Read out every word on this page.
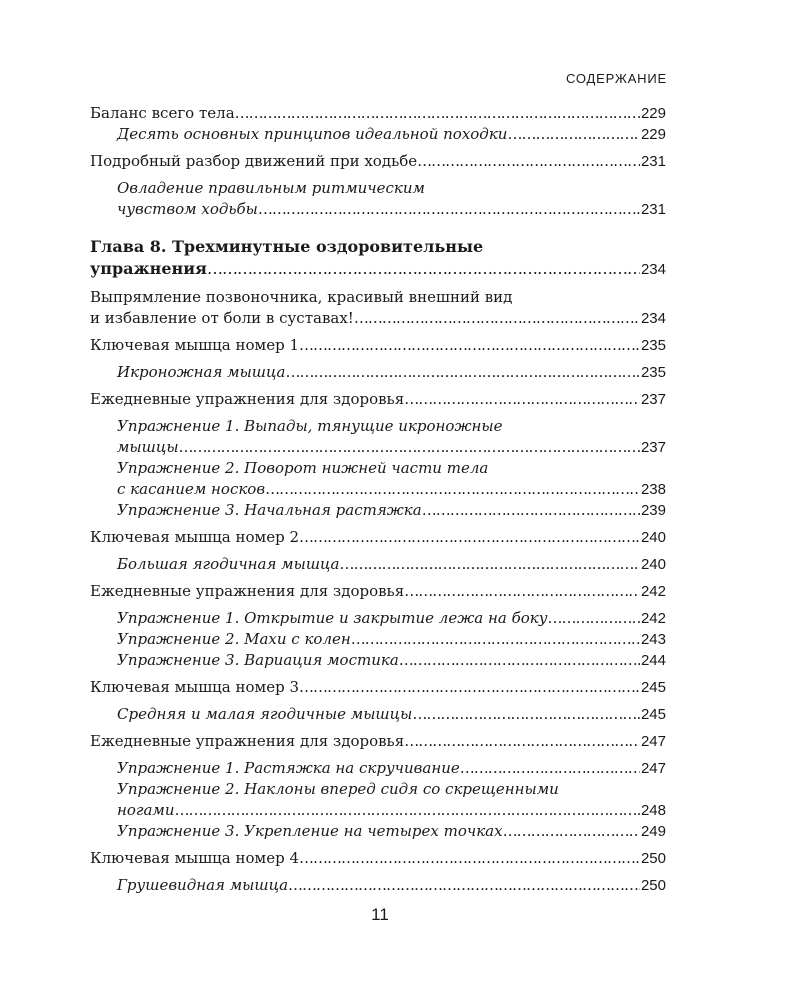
СОДЕРЖАНИЕ
Баланс всего тела …………………………………………………………………………………………………………………………………………………………………………………………………	229
Десять основных принципов идеальной походки …………………………………………………………………………………………………………………………………………………………………………………………………	229
Подробный разбор движений при ходьбе …………………………………………………………………………………………………………………………………………………………………………………………………	231
Овладение правильным ритмическим
чувством ходьбы …………………………………………………………………………………………………………………………………………………………………………………………………	231
Глава 8. Трехминутные оздоровительные
упражнения …………………………………………………………………………………………………………………………………………………………………………………………………	234
Выпрямление позвоночника, красивый внешний вид
и избавление от боли в суставах! …………………………………………………………………………………………………………………………………………………………………………………………………	234
Ключевая мышца номер 1 …………………………………………………………………………………………………………………………………………………………………………………………………	235
Икроножная мышца …………………………………………………………………………………………………………………………………………………………………………………………………	235
Ежедневные упражнения для здоровья …………………………………………………………………………………………………………………………………………………………………………………………………	237
Упражнение 1. Выпады, тянущие икроножные
мышцы …………………………………………………………………………………………………………………………………………………………………………………………………	237
Упражнение 2. Поворот нижней части тела
с касанием носков …………………………………………………………………………………………………………………………………………………………………………………………………	238
Упражнение 3. Начальная растяжка …………………………………………………………………………………………………………………………………………………………………………………………………	239
Ключевая мышца номер 2 …………………………………………………………………………………………………………………………………………………………………………………………………	240
Большая ягодичная мышца …………………………………………………………………………………………………………………………………………………………………………………………………	240
Ежедневные упражнения для здоровья …………………………………………………………………………………………………………………………………………………………………………………………………	242
Упражнение 1. Открытие и закрытие лежа на боку …………………………………………………………………………………………………………………………………………………………………………………………………	242
Упражнение 2. Махи с колен …………………………………………………………………………………………………………………………………………………………………………………………………	243
Упражнение 3. Вариация мостика …………………………………………………………………………………………………………………………………………………………………………………………………	244
Ключевая мышца номер 3 …………………………………………………………………………………………………………………………………………………………………………………………………	245
Средняя и малая ягодичные мышцы …………………………………………………………………………………………………………………………………………………………………………………………………	245
Ежедневные упражнения для здоровья …………………………………………………………………………………………………………………………………………………………………………………………………	247
Упражнение 1. Растяжка на скручивание …………………………………………………………………………………………………………………………………………………………………………………………………	247
Упражнение 2. Наклоны вперед сидя со скрещенными
ногами …………………………………………………………………………………………………………………………………………………………………………………………………	248
Упражнение 3. Укрепление на четырех точках …………………………………………………………………………………………………………………………………………………………………………………………………	249
Ключевая мышца номер 4 …………………………………………………………………………………………………………………………………………………………………………………………………	250
Грушевидная мышца …………………………………………………………………………………………………………………………………………………………………………………………………	250
11
